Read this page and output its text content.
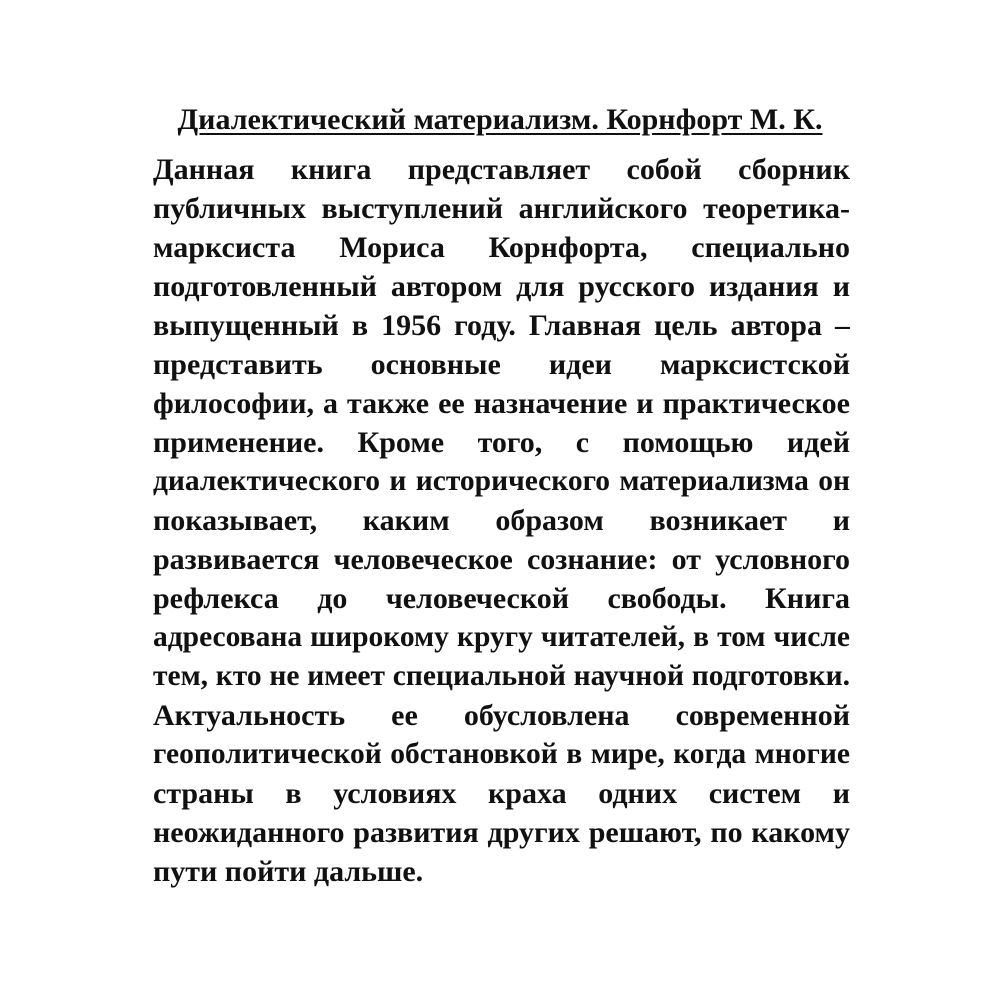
Диалектический материализм. Корнфорт М. К.
Данная книга представляет собой сборник
публичных выступлений английского теоретика-
марксиста Мориса Корнфорта, специально
подготовленный автором для русского издания и
выпущенный в 1956 году. Главная цель автора –
представить основные идеи марксистской
философии, а также ее назначение и практическое
применение. Кроме того, с помощью идей
диалектического и исторического материализма он
показывает, каким образом возникает и
развивается человеческое сознание: от условного
рефлекса до человеческой свободы. Книга
адресована широкому кругу читателей, в том числе
тем, кто не имеет специальной научной подготовки.
Актуальность ее обусловлена современной
геополитической обстановкой в мире, когда многие
страны в условиях краха одних систем и
неожиданного развития других решают, по какому
пути пойти дальше.
